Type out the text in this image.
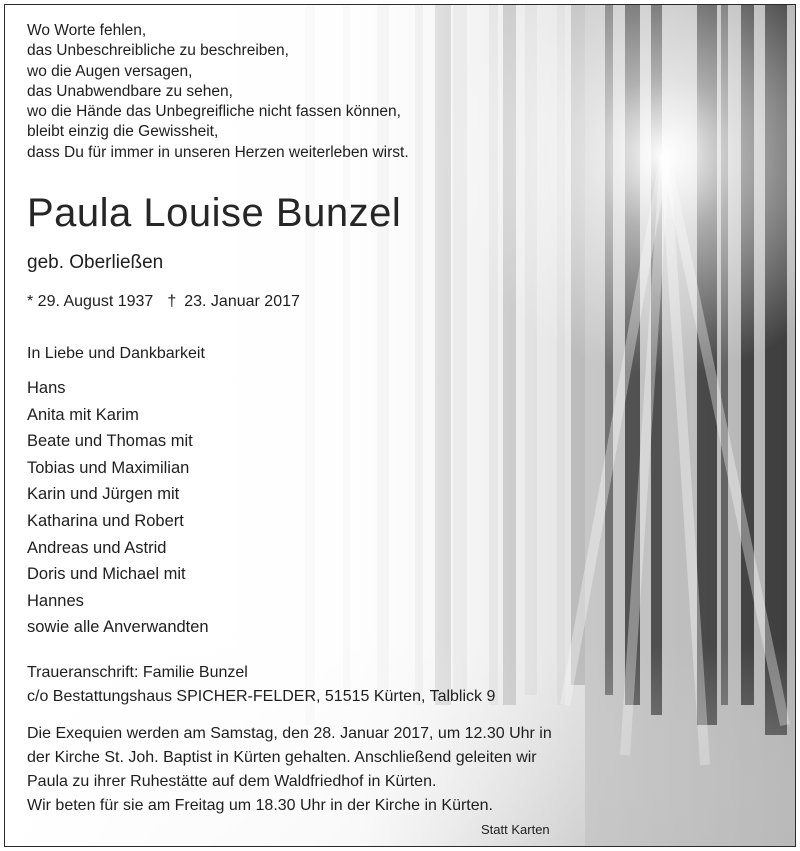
Wo Worte fehlen,
das Unbeschreibliche zu beschreiben,
wo die Augen versagen,
das Unabwendbare zu sehen,
wo die Hände das Unbegreifliche nicht fassen können,
bleibt einzig die Gewissheit,
dass Du für immer in unseren Herzen weiterleben wirst.
Paula Louise Bunzel
geb. Oberließen
* 29. August 1937 † 23. Januar 2017
In Liebe und Dankbarkeit
Hans
Anita mit Karim
Beate und Thomas mit
Tobias und Maximilian
Karin und Jürgen mit
Katharina und Robert
Andreas und Astrid
Doris und Michael mit
Hannes
sowie alle Anverwandten
Traueranschrift: Familie Bunzel
c/o Bestattungshaus SPICHER-FELDER, 51515 Kürten, Talblick 9
Die Exequien werden am Samstag, den 28. Januar 2017, um 12.30 Uhr in
der Kirche St. Joh. Baptist in Kürten gehalten. Anschließend geleiten wir
Paula zu ihrer Ruhestätte auf dem Waldfriedhof in Kürten.
Wir beten für sie am Freitag um 18.30 Uhr in der Kirche in Kürten.
Statt Karten
